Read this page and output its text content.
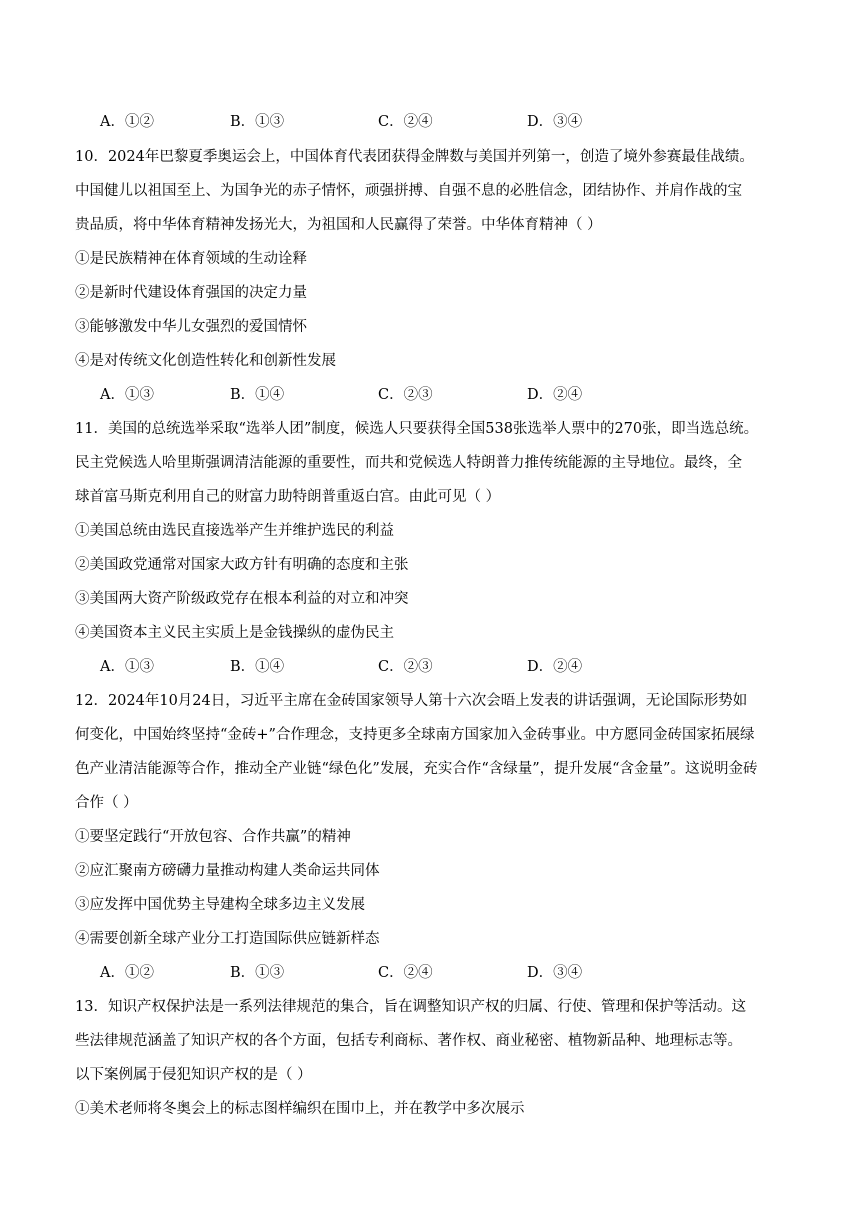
A．①②	B．①③	C．②④	D．③④
10．2024年巴黎夏季奥运会上，中国体育代表团获得金牌数与美国并列第一，创造了境外参赛最佳战绩。
中国健儿以祖国至上、为国争光的赤子情怀，顽强拼搏、自强不息的必胜信念，团结协作、并肩作战的宝
贵品质，将中华体育精神发扬光大，为祖国和人民赢得了荣誉。中华体育精神（ ）
①是民族精神在体育领域的生动诠释
②是新时代建设体育强国的决定力量
③能够激发中华儿女强烈的爱国情怀
④是对传统文化创造性转化和创新性发展
A．①③	B．①④	C．②③	D．②④
11．美国的总统选举采取“选举人团”制度，候选人只要获得全国538张选举人票中的270张，即当选总统。
民主党候选人哈里斯强调清洁能源的重要性，而共和党候选人特朗普力推传统能源的主导地位。最终，全
球首富马斯克利用自己的财富力助特朗普重返白宫。由此可见（ ）
①美国总统由选民直接选举产生并维护选民的利益
②美国政党通常对国家大政方针有明确的态度和主张
③美国两大资产阶级政党存在根本利益的对立和冲突
④美国资本主义民主实质上是金钱操纵的虚伪民主
A．①③	B．①④	C．②③	D．②④
12．2024年10月24日，习近平主席在金砖国家领导人第十六次会晤上发表的讲话强调，无论国际形势如
何变化，中国始终坚持“金砖+”合作理念，支持更多全球南方国家加入金砖事业。中方愿同金砖国家拓展绿
色产业清洁能源等合作，推动全产业链“绿色化”发展，充实合作“含绿量”，提升发展“含金量”。这说明金砖
合作（ ）
①要坚定践行“开放包容、合作共赢”的精神
②应汇聚南方磅礴力量推动构建人类命运共同体
③应发挥中国优势主导建构全球多边主义发展
④需要创新全球产业分工打造国际供应链新样态
A．①②	B．①③	C．②④	D．③④
13．知识产权保护法是一系列法律规范的集合，旨在调整知识产权的归属、行使、管理和保护等活动。这
些法律规范涵盖了知识产权的各个方面，包括专利商标、著作权、商业秘密、植物新品种、地理标志等。
以下案例属于侵犯知识产权的是（ ）
①美术老师将冬奥会上的标志图样编织在围巾上，并在教学中多次展示
